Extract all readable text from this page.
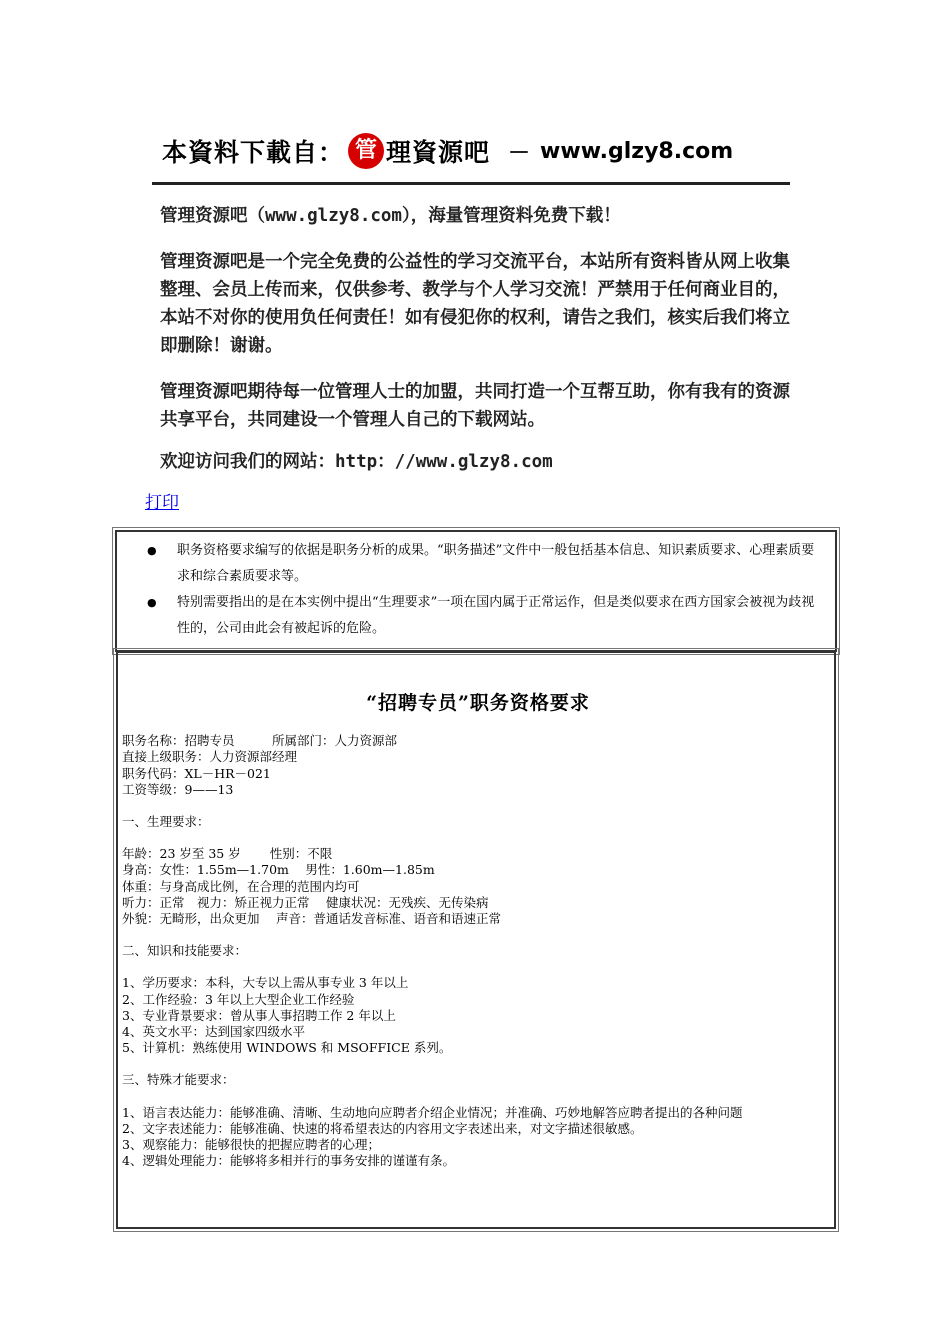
本資料下載自： 管 理資源吧 － www.glzy8.com

管理资源吧（www.glzy8.com），海量管理资料免费下载！

管理资源吧是一个完全免费的公益性的学习交流平台，本站所有资料皆从网上收集整理、会员上传而来，仅供参考、教学与个人学习交流！严禁用于任何商业目的，本站不对你的使用负任何责任！如有侵犯你的权利，请告之我们，核实后我们将立即删除！谢谢。

管理资源吧期待每一位管理人士的加盟，共同打造一个互帮互助，你有我有的资源共享平台，共同建设一个管理人自己的下载网站。

欢迎访问我们的网站：http：//www.glzy8.com

打印
● 职务资格要求编写的依据是职务分析的成果。“职务描述”文件中一般包括基本信息、知识素质要求、心理素质要求和综合素质要求等。
● 特别需要指出的是在本实例中提出“生理要求”一项在国内属于正常运作，但是类似要求在西方国家会被视为歧视性的，公司由此会有被起诉的危险。
“招聘专员”职务资格要求
职务名称：招聘专员　　　所属部门：人力资源部
直接上级职务：人力资源部经理
职务代码：XL－HR－021
工资等级：9——13
一、生理要求：
年龄：23 岁至 35 岁　　 性别：不限
身高：女性：1.55m—1.70m　 男性：1.60m—1.85m
体重：与身高成比例，在合理的范围内均可
听力：正常　视力：矫正视力正常　 健康状况：无残疾、无传染病
外貌：无畸形，出众更加　 声音：普通话发音标准、语音和语速正常
二、知识和技能要求：
1、学历要求：本科，大专以上需从事专业 3 年以上
2、工作经验：3 年以上大型企业工作经验
3、专业背景要求：曾从事人事招聘工作 2 年以上
4、英文水平：达到国家四级水平
5、计算机：熟练使用 WINDOWS 和 MSOFFICE 系列。
三、特殊才能要求：
1、语言表达能力：能够准确、清晰、生动地向应聘者介绍企业情况；并准确、巧妙地解答应聘者提出的各种问题
2、文字表述能力：能够准确、快速的将希望表达的内容用文字表述出来，对文字描述很敏感。
3、观察能力：能够很快的把握应聘者的心理；
4、逻辑处理能力：能够将多相并行的事务安排的谨谨有条。
